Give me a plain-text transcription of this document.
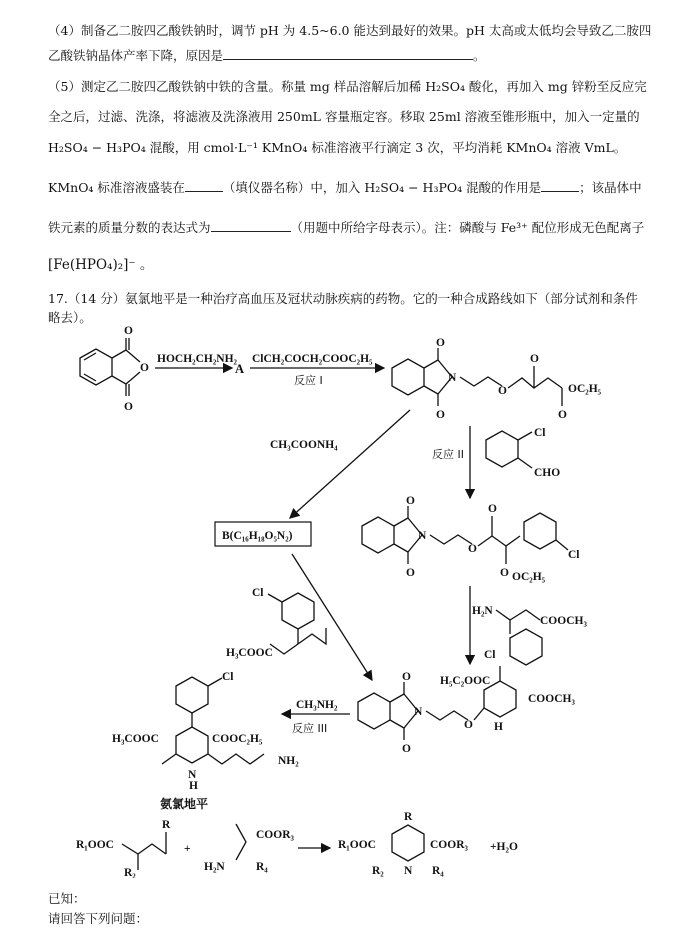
（4）制备乙二胺四乙酸铁钠时，调节 pH 为 4.5~6.0 能达到最好的效果。pH 太高或太低均会导致乙二胺四
乙酸铁钠晶体产率下降，原因是	。
（5）测定乙二胺四乙酸铁钠中铁的含量。称量 mg 样品溶解后加稀 H₂SO₄ 酸化，再加入 mg 锌粉至反应完
全之后，过滤、洗涤，将滤液及洗涤液用 250mL 容量瓶定容。移取 25ml 溶液至锥形瓶中，加入一定量的
H₂SO₄ − H₃PO₄ 混酸，用 cmol·L⁻¹ KMnO₄ 标准溶液平行滴定 3 次，平均消耗 KMnO₄ 溶液 VmL。
KMnO₄ 标准溶液盛装在	（填仪器名称）中，加入 H₂SO₄ − H₃PO₄ 混酸的作用是	；该晶体中
铁元素的质量分数的表达式为	（用题中所给字母表示）。注：磷酸与 Fe³⁺ 配位形成无色配离子
[Fe(HPO₄)₂]⁻ 。
17.（14 分）氨氯地平是一种治疗高血压及冠状动脉疾病的药物。它的一种合成路线如下（部分试剂和条件
略去）。
O
O
O
HOCH₂CH₂NH₂
A
ClCH₂COCH₂COOC₂H₅
反应 I
O
O
N
O
O
O
OC₂H₅
CH₃COONH₄
反应 II
Cl
CHO
B(C₁₆H₁₈O₅N₂)
O
O
N
O
O
O OC₂H₅
Cl
H₂N
COOCH₃
Cl
H₃COOC
O
O
N
O H
H₅C₂OOC
COOCH₃
Cl
CH₃NH₂
反应 III
Cl
H₃COOC	COOC₂H₅
N
H
NH₂
氨氯地平
R₁OOC
R
R₂
+
COOR₃
H₂N	R₄
R₁OOC
R
COOR₃
R₂	R₄
N
+H₂O
已知：
请回答下列问题：
